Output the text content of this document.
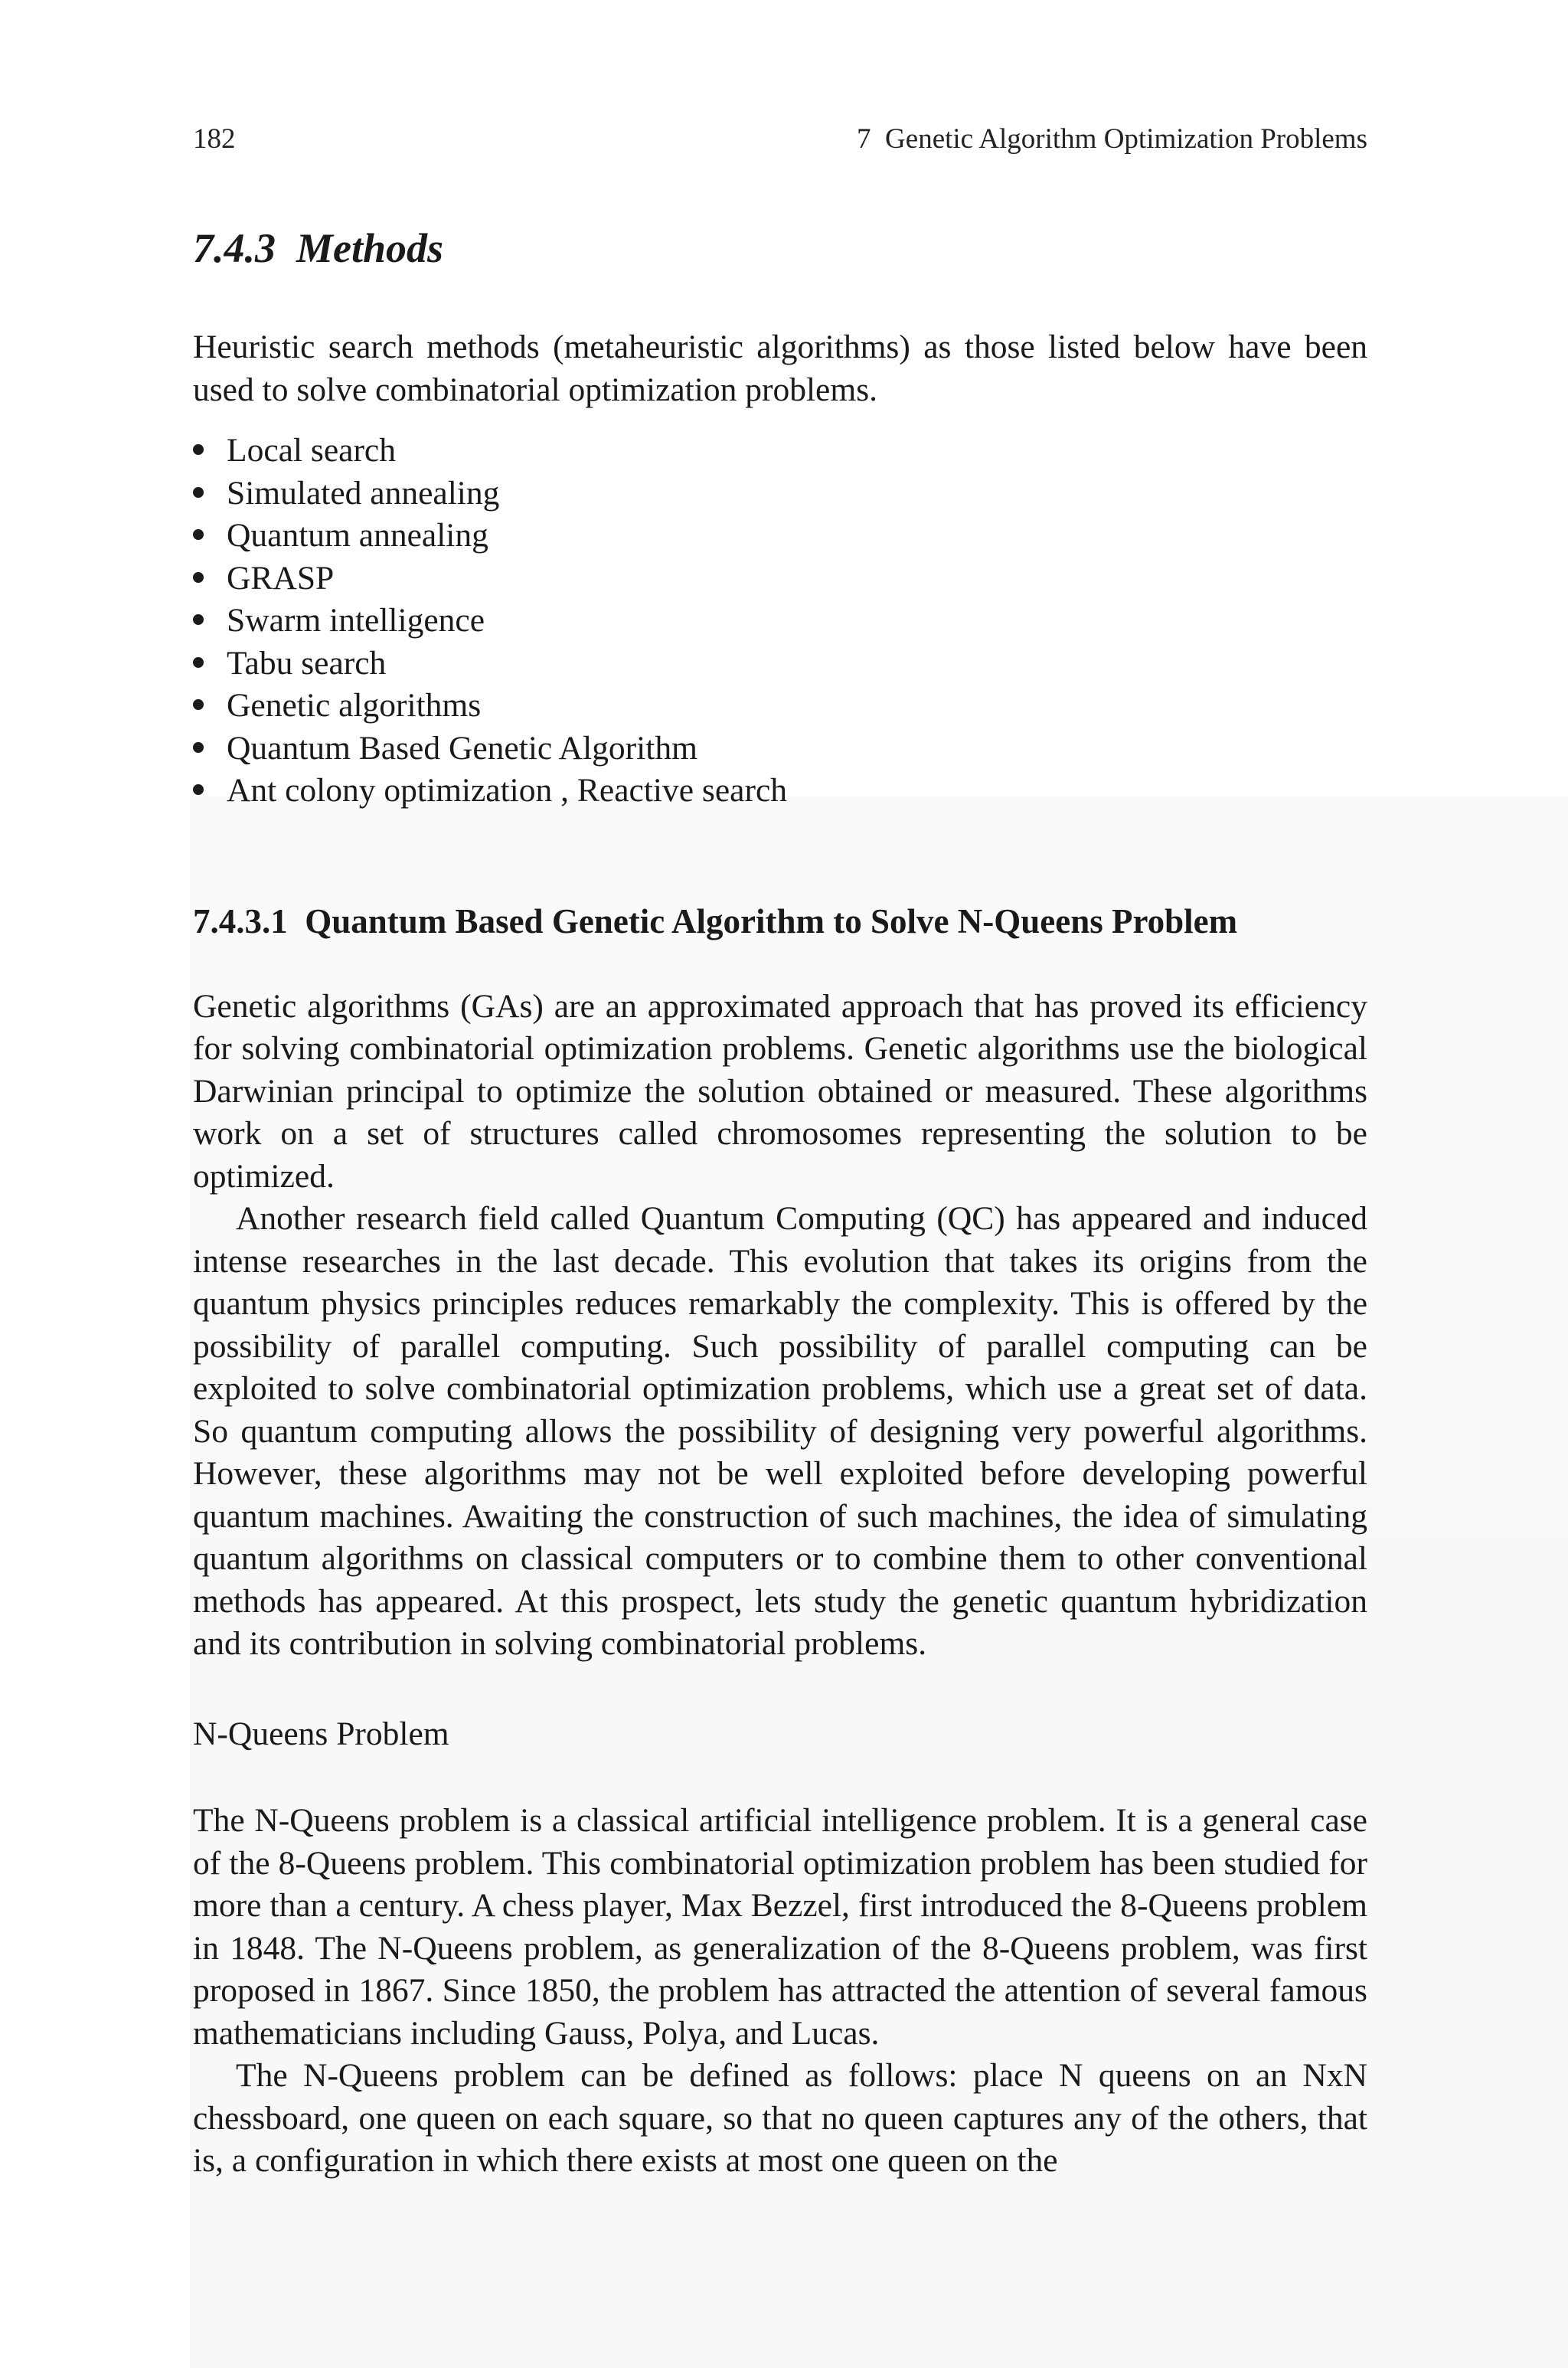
182	7  Genetic Algorithm Optimization Problems
7.4.3  Methods

Heuristic search methods (metaheuristic algorithms) as those listed below have been used to solve combinatorial optimization problems.

Local search
Simulated annealing
Quantum annealing
GRASP
Swarm intelligence
Tabu search
Genetic algorithms
Quantum Based Genetic Algorithm
Ant colony optimization , Reactive search
7.4.3.1  Quantum Based Genetic Algorithm to Solve N-Queens Problem

Genetic algorithms (GAs) are an approximated approach that has proved its efficiency for solving combinatorial optimization problems. Genetic algorithms use the biological Darwinian principal to optimize the solution obtained or measured. These algorithms work on a set of structures called chromosomes representing the solution to be optimized.

Another research field called Quantum Computing (QC) has appeared and induced intense researches in the last decade. This evolution that takes its origins from the quantum physics principles reduces remarkably the complexity. This is offered by the possibility of parallel computing. Such possibility of parallel computing can be exploited to solve combinatorial optimization problems, which use a great set of data. So quantum computing allows the possibility of designing very powerful algorithms. However, these algorithms may not be well exploited before developing powerful quantum machines. Awaiting the construction of such machines, the idea of simulating quantum algorithms on classical computers or to combine them to other conventional methods has appeared. At this prospect, lets study the genetic quantum hybridization and its contribution in solving combinatorial problems.

N-Queens Problem

The N-Queens problem is a classical artificial intelligence problem. It is a general case of the 8-Queens problem. This combinatorial optimization problem has been studied for more than a century. A chess player, Max Bezzel, first introduced the 8-Queens problem in 1848. The N-Queens problem, as generalization of the 8-Queens problem, was first proposed in 1867. Since 1850, the problem has attracted the attention of several famous mathematicians including Gauss, Polya, and Lucas.

The N-Queens problem can be defined as follows: place N queens on an NxN chessboard, one queen on each square, so that no queen captures any of the others, that is, a configuration in which there exists at most one queen on the
